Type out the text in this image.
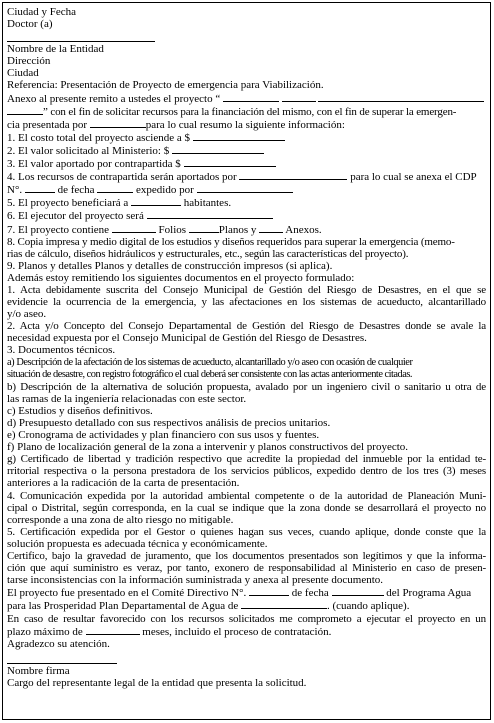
Ciudad y Fecha

Doctor (a)

Nombre de la Entidad

Dirección

Ciudad

Referencia: Presentación de Proyecto de emergencia para Viabilización.

Anexo al presente remito a ustedes el proyecto “

” con el fin de solicitar recursos para la financiación del mismo, con el fin de superar la emergen-

cia presentada por	para lo cual resumo la siguiente información:

1. El costo total del proyecto asciende a $

2. El valor solicitado al Ministerio: $

3. El valor aportado por contrapartida $

4. Los recursos de contrapartida serán aportados por	para lo cual se anexa el CDP

N°.	de fecha	expedido por

5. El proyecto beneficiará a	habitantes.

6. El ejecutor del proyecto será

7. El proyecto contiene	Folios	Planos y	Anexos.

8. Copia impresa y medio digital de los estudios y diseños requeridos para superar la emergencia (memo-

rias de cálculo, diseños hidráulicos y estructurales, etc., según las características del proyecto).

9. Planos y detalles Planos y detalles de construcción impresos (si aplica).

Además estoy remitiendo los siguientes documentos en el proyecto formulado:

1. Acta debidamente suscrita del Consejo Municipal de Gestión del Riesgo de Desastres, en el que se

evidencie la ocurrencia de la emergencia, y las afectaciones en los sistemas de acueducto, alcantarillado

y/o aseo.

2. Acta y/o Concepto del Consejo Departamental de Gestión del Riesgo de Desastres donde se avale la

necesidad expuesta por el Consejo Municipal de Gestión del Riesgo de Desastres.

3. Documentos técnicos.

a) Descripción de la afectación de los sistemas de acueducto, alcantarillado y/o aseo con ocasión de cualquier

situación de desastre, con registro fotográfico el cual deberá ser consistente con las actas anteriormente citadas.

b) Descripción de la alternativa de solución propuesta, avalado por un ingeniero civil o sanitario u otra de

las ramas de la ingeniería relacionadas con este sector.

c) Estudios y diseños definitivos.

d) Presupuesto detallado con sus respectivos análisis de precios unitarios.

e) Cronograma de actividades y plan financiero con sus usos y fuentes.

f) Plano de localización general de la zona a intervenir y planos constructivos del proyecto.

g) Certificado de libertad y tradición respectivo que acredite la propiedad del inmueble por la entidad te-

rritorial respectiva o la persona prestadora de los servicios públicos, expedido dentro de los tres (3) meses

anteriores a la radicación de la carta de presentación.

4. Comunicación expedida por la autoridad ambiental competente o de la autoridad de Planeación Muni-

cipal o Distrital, según corresponda, en la cual se indique que la zona donde se desarrollará el proyecto no

corresponde a una zona de alto riesgo no mitigable.

5. Certificación expedida por el Gestor o quienes hagan sus veces, cuando aplique, donde conste que la

solución propuesta es adecuada técnica y económicamente.

Certifico, bajo la gravedad de juramento, que los documentos presentados son legítimos y que la informa-

ción que aquí suministro es veraz, por tanto, exonero de responsabilidad al Ministerio en caso de presen-

tarse inconsistencias con la información suministrada y anexa al presente documento.

El proyecto fue presentado en el Comité Directivo N°.	de fecha	del Programa Agua

para las Prosperidad Plan Departamental de Agua de	. (cuando aplique).

En caso de resultar favorecido con los recursos solicitados me comprometo a ejecutar el proyecto en un

plazo máximo de	meses, incluido el proceso de contratación.

Agradezco su atención.

Nombre firma

Cargo del representante legal de la entidad que presenta la solicitud.
